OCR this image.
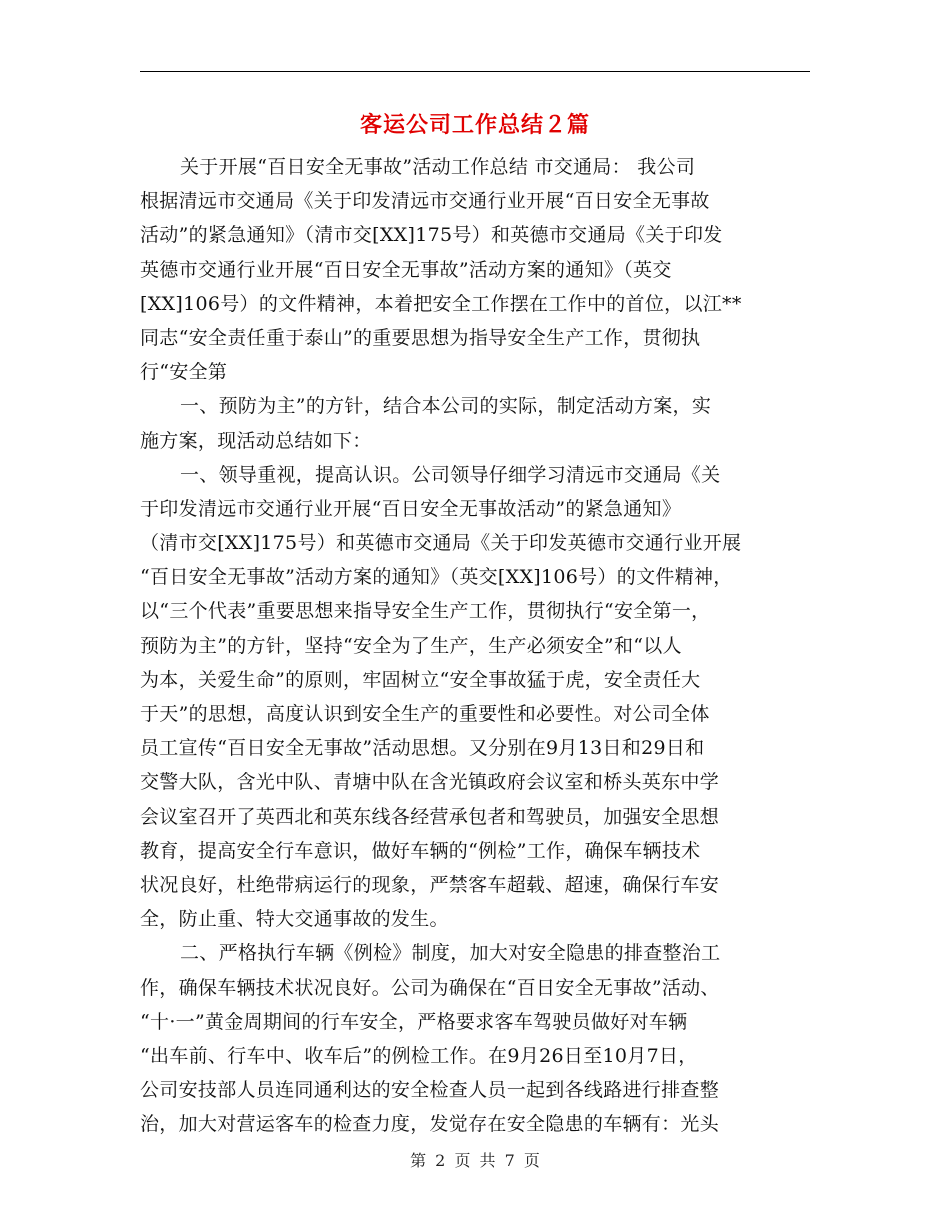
客运公司工作总结２篇
关于开展“百日安全无事故”活动工作总结 市交通局： 我公司
根据清远市交通局《关于印发清远市交通行业开展“百日安全无事故
活动”的紧急通知》（清市交[XX]175号）和英德市交通局《关于印发
英德市交通行业开展“百日安全无事故”活动方案的通知》（英交
[XX]106号）的文件精神，本着把安全工作摆在工作中的首位，以江**
同志“安全责任重于泰山”的重要思想为指导安全生产工作，贯彻执
行“安全第
一、预防为主”的方针，结合本公司的实际，制定活动方案，实
施方案，现活动总结如下：
一、领导重视，提高认识。公司领导仔细学习清远市交通局《关
于印发清远市交通行业开展“百日安全无事故活动”的紧急通知》
（清市交[XX]175号）和英德市交通局《关于印发英德市交通行业开展
“百日安全无事故”活动方案的通知》（英交[XX]106号）的文件精神，
以“三个代表”重要思想来指导安全生产工作，贯彻执行“安全第一，
预防为主”的方针，坚持“安全为了生产，生产必须安全”和“以人
为本，关爱生命”的原则，牢固树立“安全事故猛于虎，安全责任大
于天”的思想，高度认识到安全生产的重要性和必要性。对公司全体
员工宣传“百日安全无事故”活动思想。又分别在9月13日和29日和
交警大队，含光中队、青塘中队在含光镇政府会议室和桥头英东中学
会议室召开了英西北和英东线各经营承包者和驾驶员，加强安全思想
教育，提高安全行车意识，做好车辆的“例检”工作，确保车辆技术
状况良好，杜绝带病运行的现象，严禁客车超载、超速，确保行车安
全，防止重、特大交通事故的发生。
二、严格执行车辆《例检》制度，加大对安全隐患的排查整治工
作，确保车辆技术状况良好。公司为确保在“百日安全无事故”活动、
“十·一”黄金周期间的行车安全，严格要求客车驾驶员做好对车辆
“出车前、行车中、收车后”的例检工作。在9月26日至10月7日，
公司安技部人员连同通利达的安全检查人员一起到各线路进行排查整
治，加大对营运客车的检查力度，发觉存在安全隐患的车辆有：光头
第 2 页 共 7 页
